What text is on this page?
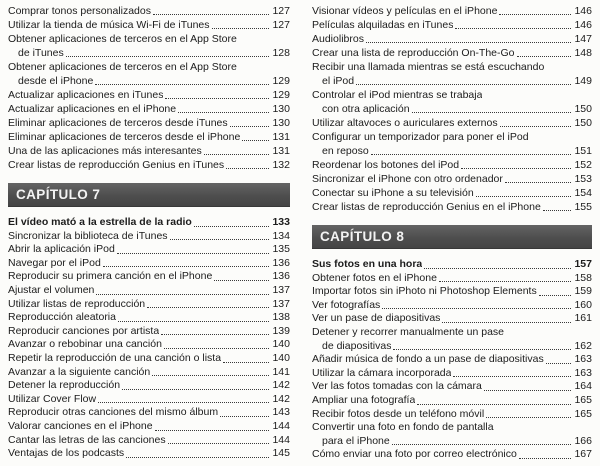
Comprar tonos personalizados	127
Utilizar la tienda de música Wi-Fi de iTunes	127
Obtener aplicaciones de terceros en el App Store
de iTunes	128
Obtener aplicaciones de terceros en el App Store
desde el iPhone	129
Actualizar aplicaciones en iTunes	129
Actualizar aplicaciones en el iPhone	130
Eliminar aplicaciones de terceros desde iTunes	130
Eliminar aplicaciones de terceros desde el iPhone	131
Una de las aplicaciones más interesantes	131
Crear listas de reproducción Genius en iTunes	132
CAPÍTULO 7
El vídeo mató a la estrella de la radio	133
Sincronizar la biblioteca de iTunes	134
Abrir la aplicación iPod	135
Navegar por el iPod	136
Reproducir su primera canción en el iPhone	136
Ajustar el volumen	137
Utilizar listas de reproducción	137
Reproducción aleatoria	138
Reproducir canciones por artista	139
Avanzar o rebobinar una canción	140
Repetir la reproducción de una canción o lista	140
Avanzar a la siguiente canción	141
Detener la reproducción	142
Utilizar Cover Flow	142
Reproducir otras canciones del mismo álbum	143
Valorar canciones en el iPhone	144
Cantar las letras de las canciones	144
Ventajas de los podcasts	145
Visionar vídeos y películas en el iPhone	146
Películas alquiladas en iTunes	146
Audiolibros	147
Crear una lista de reproducción On-The-Go	148
Recibir una llamada mientras se está escuchando
el iPod	149
Controlar el iPod mientras se trabaja
con otra aplicación	150
Utilizar altavoces o auriculares externos	150
Configurar un temporizador para poner el iPod
en reposo	151
Reordenar los botones del iPod	152
Sincronizar el iPhone con otro ordenador	153
Conectar su iPhone a su televisión	154
Crear listas de reproducción Genius en el iPhone	155
CAPÍTULO 8
Sus fotos en una hora	157
Obtener fotos en el iPhone	158
Importar fotos sin iPhoto ni Photoshop Elements	159
Ver fotografías	160
Ver un pase de diapositivas	161
Detener y recorrer manualmente un pase
de diapositivas	162
Añadir música de fondo a un pase de diapositivas	163
Utilizar la cámara incorporada	163
Ver las fotos tomadas con la cámara	164
Ampliar una fotografía	165
Recibir fotos desde un teléfono móvil	165
Convertir una foto en fondo de pantalla
para el iPhone	166
Cómo enviar una foto por correo electrónico	167
